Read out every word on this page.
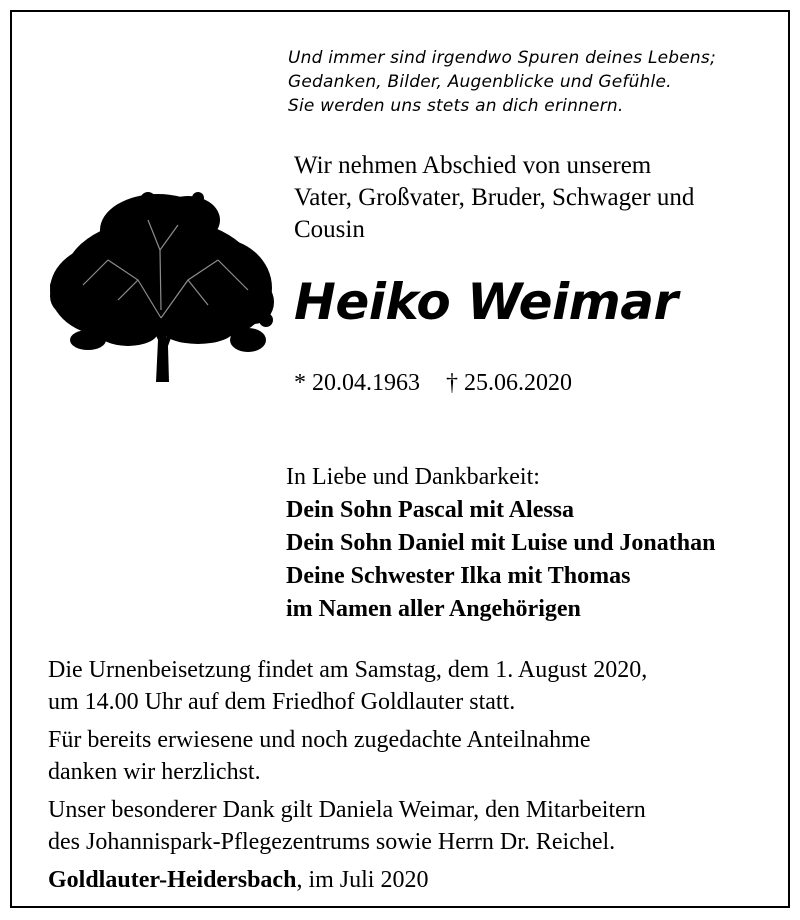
Und immer sind irgendwo Spuren deines Lebens;
Gedanken, Bilder, Augenblicke und Gefühle.
Sie werden uns stets an dich erinnern.
Wir nehmen Abschied von unserem
Vater, Großvater, Bruder, Schwager und
Cousin
Heiko Weimar
* 20.04.1963 † 25.06.2020
In Liebe und Dankbarkeit:
Dein Sohn Pascal mit Alessa
Dein Sohn Daniel mit Luise und Jonathan
Deine Schwester Ilka mit Thomas
im Namen aller Angehörigen
Die Urnenbeisetzung findet am Samstag, dem 1. August 2020,
um 14.00 Uhr auf dem Friedhof Goldlauter statt.
Für bereits erwiesene und noch zugedachte Anteilnahme
danken wir herzlichst.
Unser besonderer Dank gilt Daniela Weimar, den Mitarbeitern
des Johannispark-Pflegezentrums sowie Herrn Dr. Reichel.
Goldlauter-Heidersbach, im Juli 2020
